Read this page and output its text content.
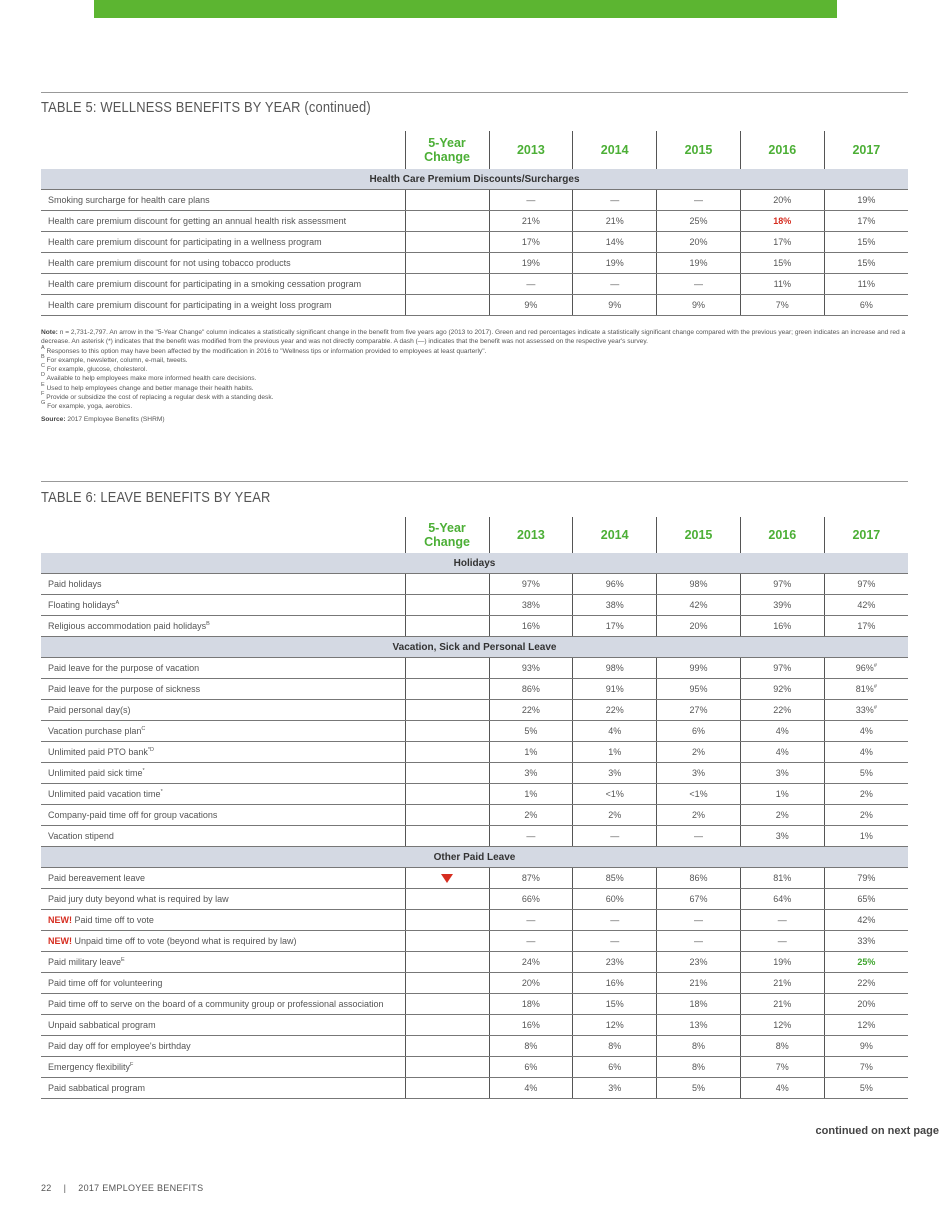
TABLE 5: WELLNESS BENEFITS BY YEAR (continued)
	5-Year Change	2013	2014	2015	2016	2017
Health Care Premium Discounts/Surcharges						
Smoking surcharge for health care plans		—	—	—	20%	19%
Health care premium discount for getting an annual health risk assessment		21%	21%	25%	18%	17%
Health care premium discount for participating in a wellness program		17%	14%	20%	17%	15%
Health care premium discount for not using tobacco products		19%	19%	19%	15%	15%
Health care premium discount for participating in a smoking cessation program		—	—	—	11%	11%
Health care premium discount for participating in a weight loss program		9%	9%	9%	7%	6%

Note: n = 2,731-2,797. An arrow in the "5-Year Change" column indicates a statistically significant change in the benefit from five years ago (2013 to 2017). Green and red percentages indicate a statistically significant change compared with the previous year; green indicates an increase and red a decrease. An asterisk (*) indicates that the benefit was modified from the previous year and was not directly comparable. A dash (—) indicates that the benefit was not assessed on the respective year's survey.

$^A$ Responses to this option may have been affected by the modification in 2016 to "Wellness tips or information provided to employees at least quarterly".

$^B$ For example, newsletter, column, e-mail, tweets.

$^C$ For example, glucose, cholesterol.

$^D$ Available to help employees make more informed health care decisions.

$^E$ Used to help employees change and better manage their health habits.

$^F$ Provide or subsidize the cost of replacing a regular desk with a standing desk.

$^G$ For example, yoga, aerobics.

Source: 2017 Employee Benefits (SHRM)

TABLE 6: LEAVE BENEFITS BY YEAR
	5-Year Change	2013	2014	2015	2016	2017
Holidays						
Paid holidays		97%	96%	98%	97%	97%
Floating holidays$^A$		38%	38%	42%	39%	42%
Religious accommodation paid holidays$^B$		16%	17%	20%	16%	17%
Vacation, Sick and Personal Leave						
Paid leave for the purpose of vacation		93%	98%	99%	97%	96%#
Paid leave for the purpose of sickness		86%	91%	95%	92%	81%#
Paid personal day(s)		22%	22%	27%	22%	33%#
Vacation purchase plan$^C$		5%	4%	6%	4%	4%
Unlimited paid PTO bank$^{*D}$		1%	1%	2%	4%	4%
Unlimited paid sick time*		3%	3%	3%	3%	5%
Unlimited paid vacation time*		1%	<1%	<1%	1%	2%
Company-paid time off for group vacations		2%	2%	2%	2%	2%
Vacation stipend		—	—	—	3%	1%
Other Paid Leave						
Paid bereavement leave		87%	85%	86%	81%	79%
Paid jury duty beyond what is required by law		66%	60%	67%	64%	65%
NEW! Paid time off to vote		—	—	—	—	42%
NEW! Unpaid time off to vote (beyond what is required by law)		—	—	—	—	33%
Paid military leave$^E$		24%	23%	23%	19%	25%
Paid time off for volunteering		20%	16%	21%	21%	22%
Paid time off to serve on the board of a community group or professional association		18%	15%	18%	21%	20%
Unpaid sabbatical program		16%	12%	13%	12%	12%
Paid day off for employee's birthday		8%	8%	8%	8%	9%
Emergency flexibility$^F$		6%	6%	8%	7%	7%
Paid sabbatical program		4%	3%	5%	4%	5%
continued on next page
22 | 2017 EMPLOYEE BENEFITS
